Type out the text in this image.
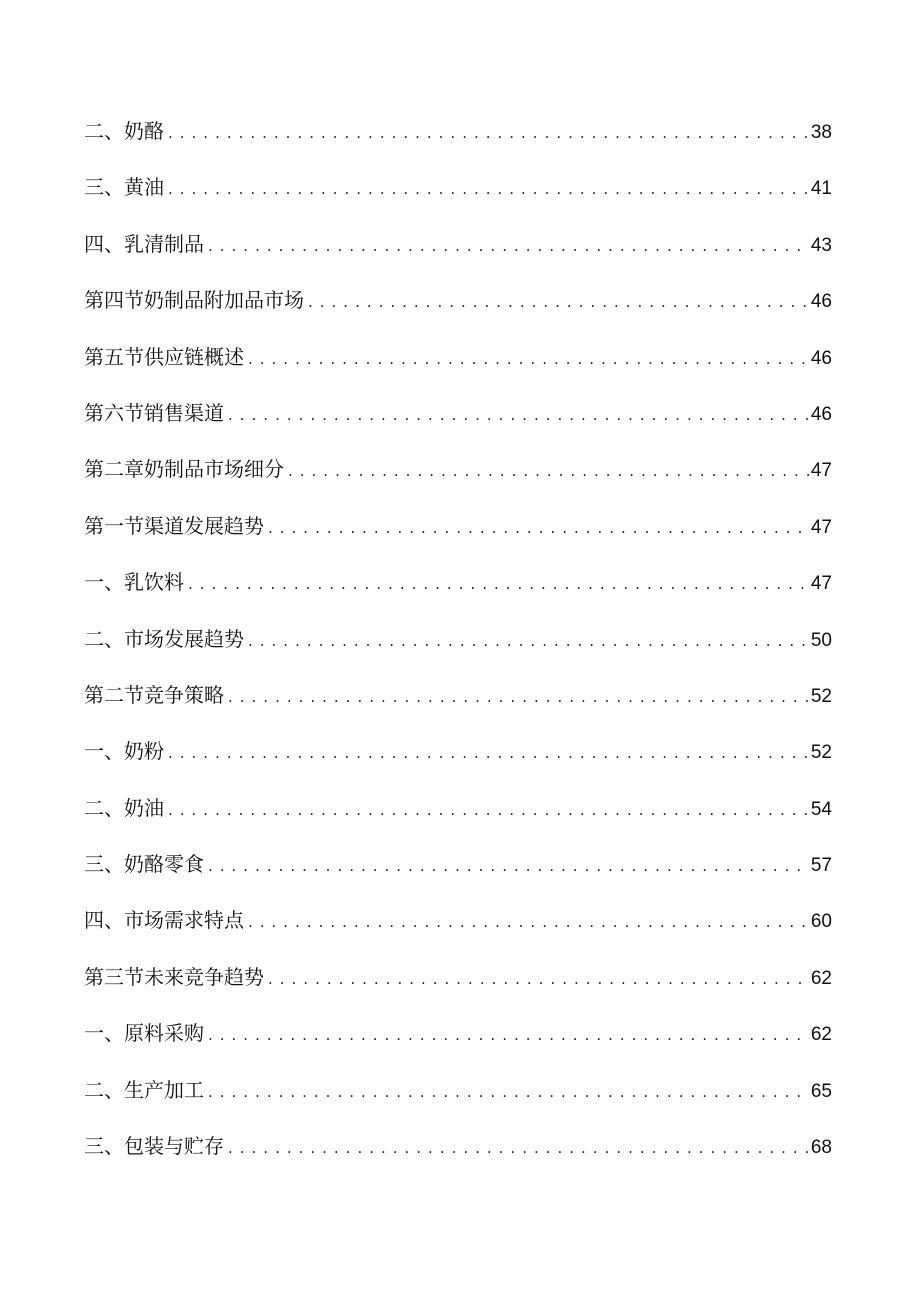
二、奶酪 .....	38
三、黄油 .....	41
四、乳清制品 .....	43
第四节奶制品附加品市场 .....	46
第五节供应链概述 .....	46
第六节销售渠道 .....	46
第二章奶制品市场细分 .....	47
第一节渠道发展趋势 .....	47
一、乳饮料 .....	47
二、市场发展趋势 .....	50
第二节竞争策略 .....	52
一、奶粉 .....	52
二、奶油 .....	54
三、奶酪零食 .....	57
四、市场需求特点 .....	60
第三节未来竞争趋势 .....	62
一、原料采购 .....	62
二、生产加工 .....	65
三、包装与贮存 .....	68
